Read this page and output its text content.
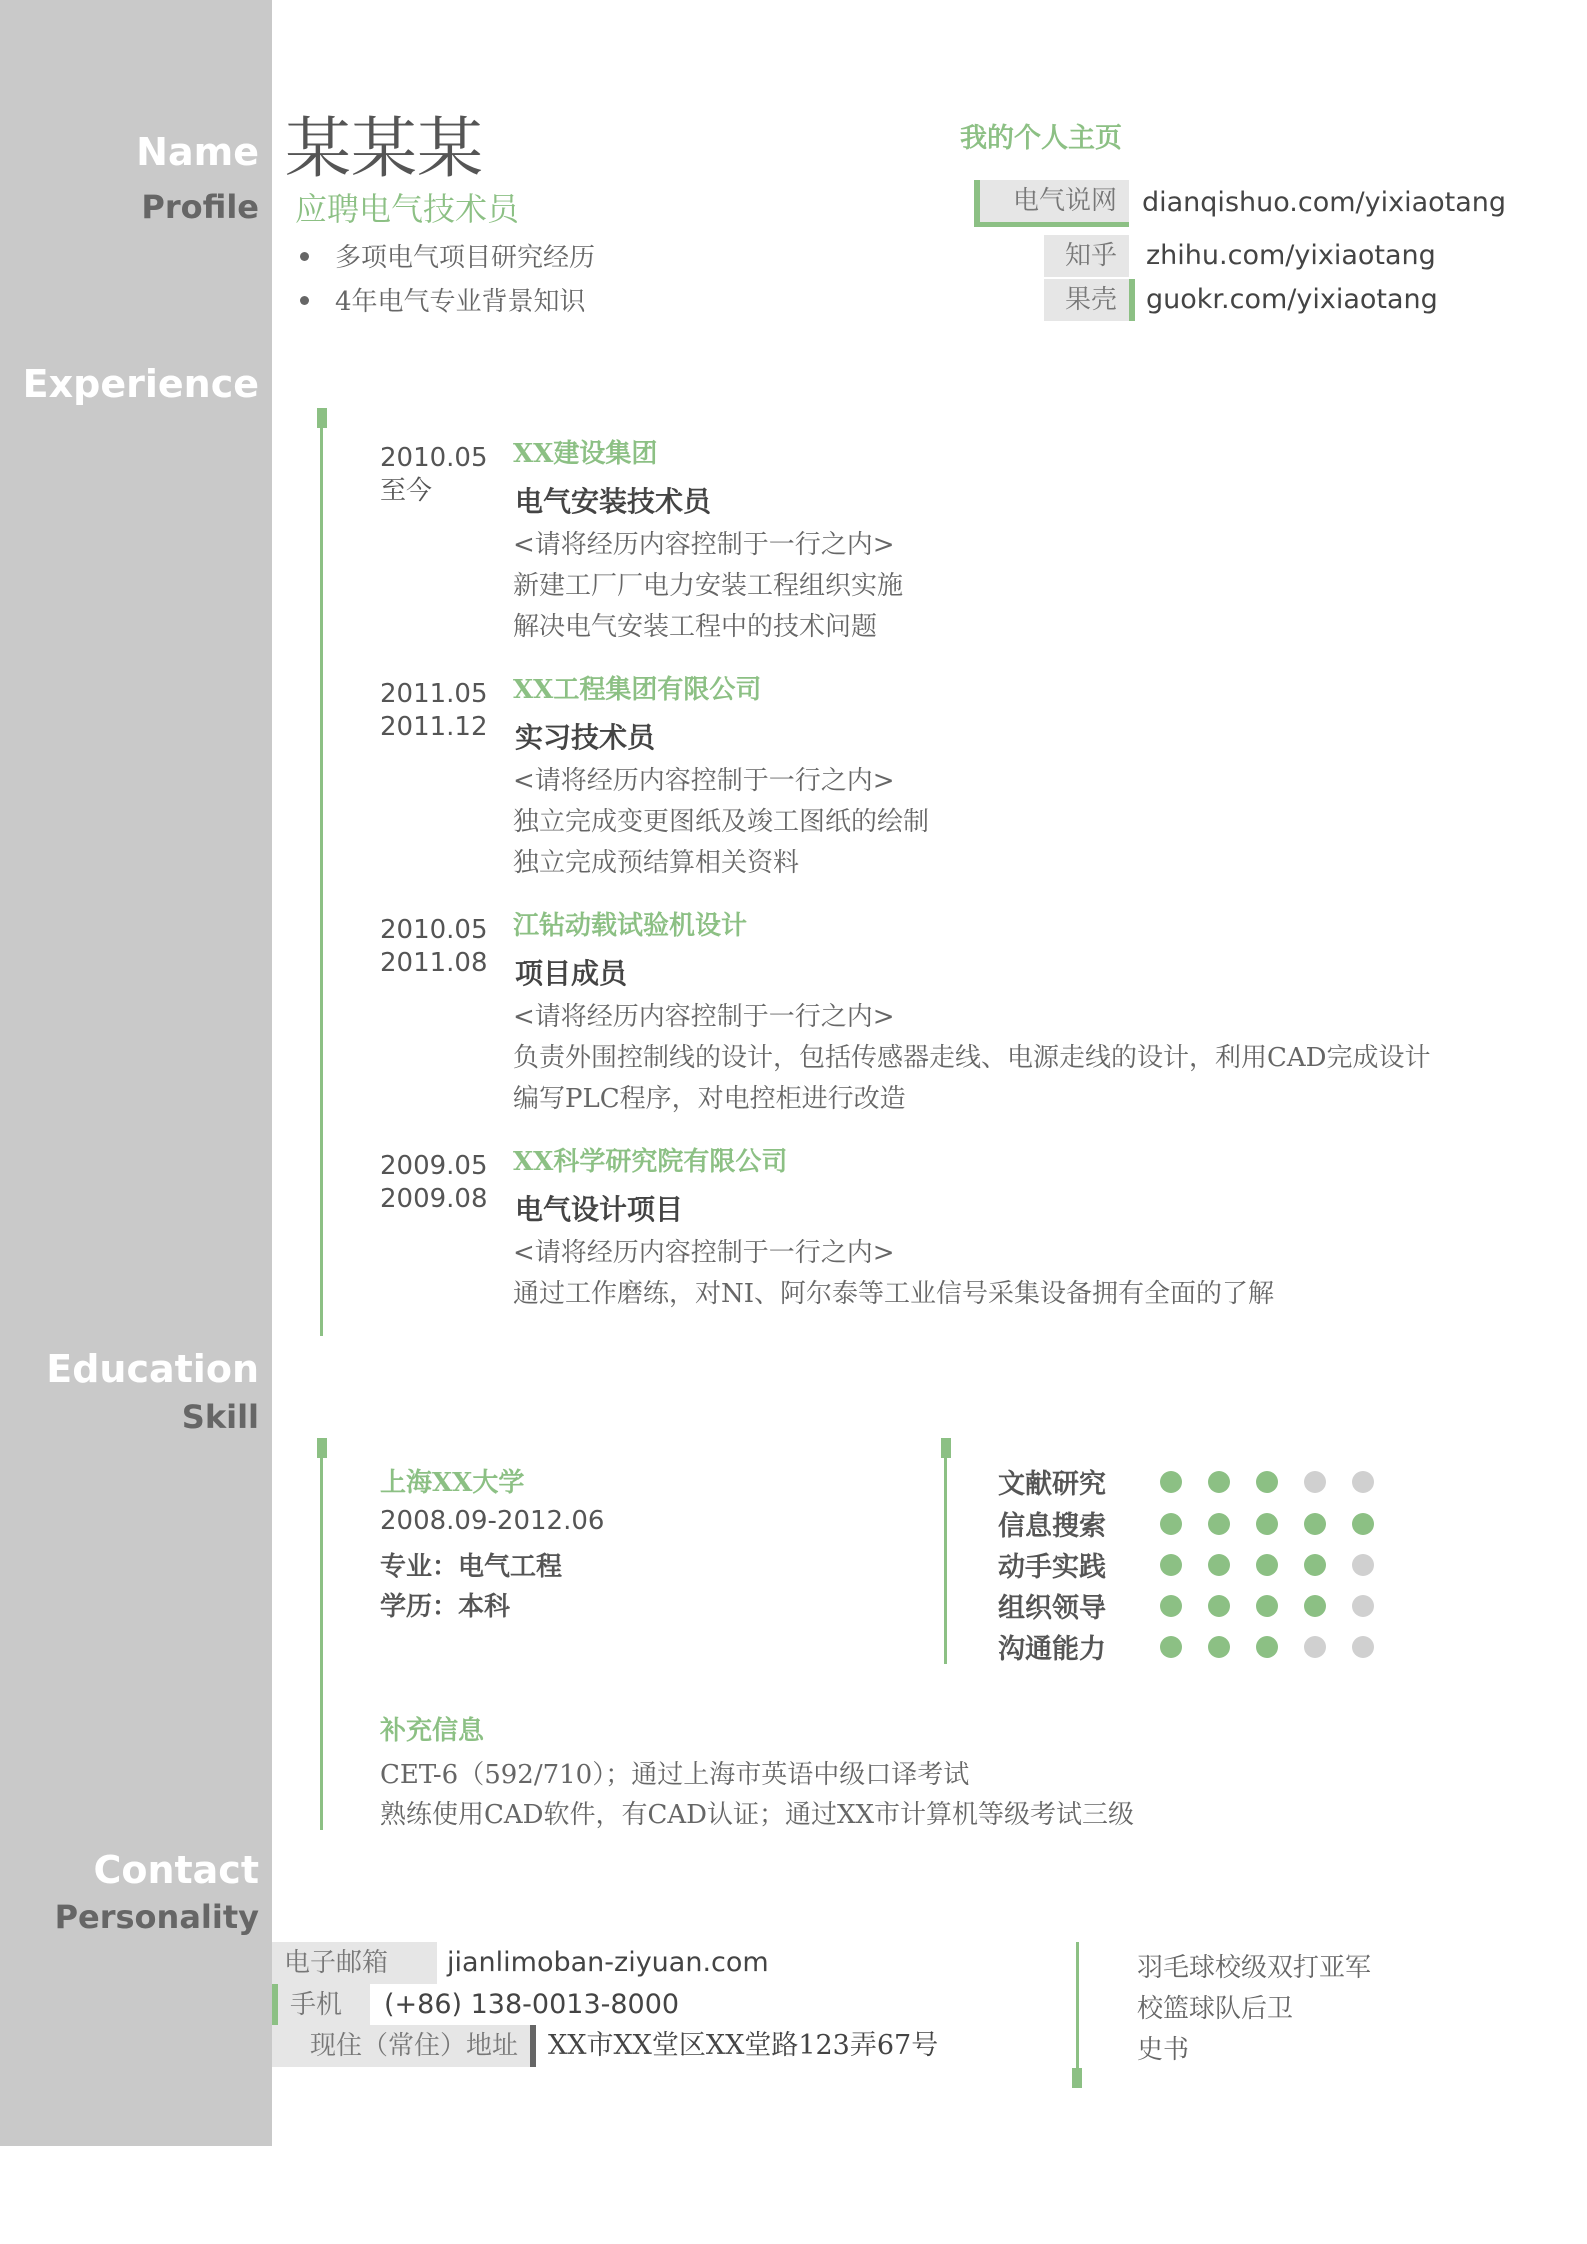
Name
Profile
Experience
Education
Skill
Contact
Personality
某某某
应聘电气技术员
多项电气项目研究经历
4年电气专业背景知识
我的个人主页
电气说网 dianqishuo.com/yixiaotang
知乎	zhihu.com/yixiaotang
果壳	guokr.com/yixiaotang
2010.05
至今
XX建设集团
电气安装技术员
<请将经历内容控制于一行之内>
新建工厂厂电力安装工程组织实施
解决电气安装工程中的技术问题
2011.05
2011.12
XX工程集团有限公司
实习技术员
<请将经历内容控制于一行之内>
独立完成变更图纸及竣工图纸的绘制
独立完成预结算相关资料
2010.05
2011.08
江钻动载试验机设计
项目成员
<请将经历内容控制于一行之内>
负责外围控制线的设计，包括传感器走线、电源走线的设计，利用CAD完成设计
编写PLC程序，对电控柜进行改造
2009.05
2009.08
XX科学研究院有限公司
电气设计项目
<请将经历内容控制于一行之内>
通过工作磨练，对NI、阿尔泰等工业信号采集设备拥有全面的了解
上海XX大学
2008.09-2012.06
专业：电气工程
学历：本科
补充信息
CET-6（592/710）；通过上海市英语中级口译考试
熟练使用CAD软件，有CAD认证；通过XX市计算机等级考试三级
文献研究
信息搜索
动手实践
组织领导
沟通能力
电子邮箱	jianlimoban-ziyuan.com
手机	(+86) 138-0013-8000
现住（常住）地址	XX市XX堂区XX堂路123弄67号
羽毛球校级双打亚军
校篮球队后卫
史书
